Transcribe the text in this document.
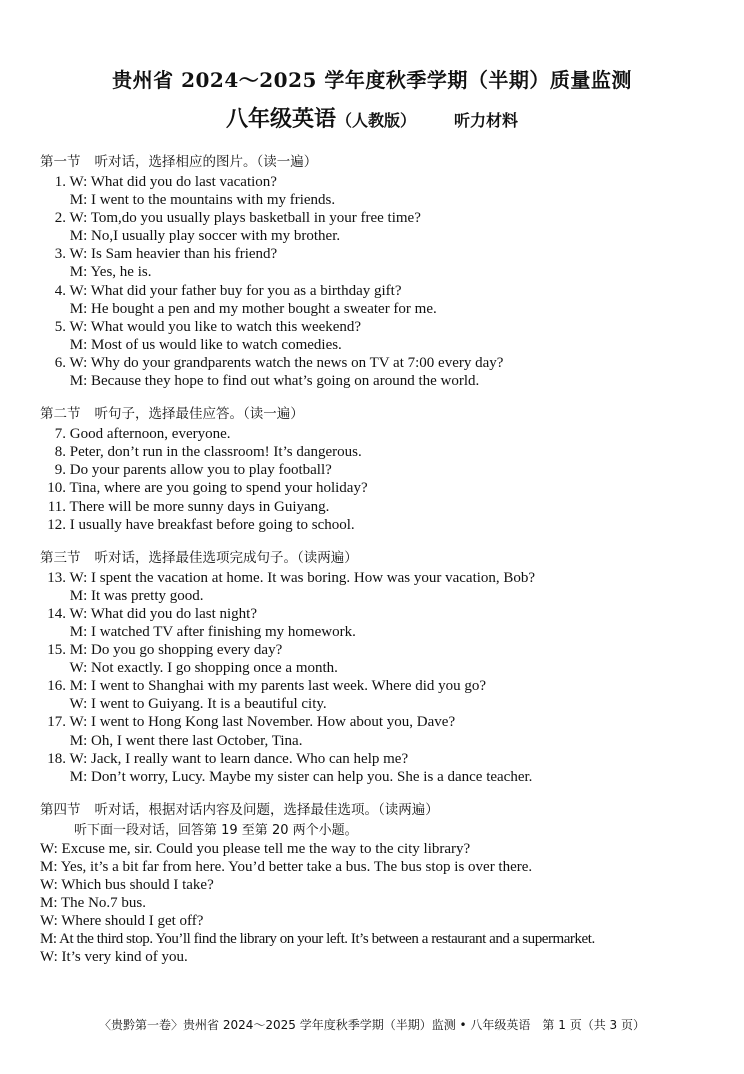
贵州省 2024～2025 学年度秋季学期（半期）质量监测
八年级英语（人教版） 听力材料
第一节 听对话，选择相应的图片。（读一遍）
1. W: What did you do last vacation?
M: I went to the mountains with my friends.
2. W: Tom,do you usually plays basketball in your free time?
M: No,I usually play soccer with my brother.
3. W: Is Sam heavier than his friend?
M: Yes, he is.
4. W: What did your father buy for you as a birthday gift?
M: He bought a pen and my mother bought a sweater for me.
5. W: What would you like to watch this weekend?
M: Most of us would like to watch comedies.
6. W: Why do your grandparents watch the news on TV at 7:00 every day?
M: Because they hope to find out what’s going on around the world.
第二节 听句子，选择最佳应答。（读一遍）
7. Good afternoon, everyone.
8. Peter, don’t run in the classroom! It’s dangerous.
9. Do your parents allow you to play football?
10. Tina, where are you going to spend your holiday?
11. There will be more sunny days in Guiyang.
12. I usually have breakfast before going to school.
第三节 听对话，选择最佳选项完成句子。（读两遍）
13. W: I spent the vacation at home. It was boring. How was your vacation, Bob?
M: It was pretty good.
14. W: What did you do last night?
M: I watched TV after finishing my homework.
15. M: Do you go shopping every day?
W: Not exactly. I go shopping once a month.
16. M: I went to Shanghai with my parents last week. Where did you go?
W: I went to Guiyang. It is a beautiful city.
17. W: I went to Hong Kong last November. How about you, Dave?
M: Oh, I went there last October, Tina.
18. W: Jack, I really want to learn dance. Who can help me?
M: Don’t worry, Lucy. Maybe my sister can help you. She is a dance teacher.
第四节 听对话，根据对话内容及问题，选择最佳选项。（读两遍）
听下面一段对话，回答第 19 至第 20 两个小题。
W: Excuse me, sir. Could you please tell me the way to the city library?
M: Yes, it’s a bit far from here. You’d better take a bus. The bus stop is over there.
W: Which bus should I take?
M: The No.7 bus.
W: Where should I get off?
M: At the third stop. You’ll find the library on your left. It’s between a restaurant and a supermarket.
W: It’s very kind of you.
〈贵黔第一卷〉贵州省 2024～2025 学年度秋季学期（半期）监测 • 八年级英语　第 1 页（共 3 页）
